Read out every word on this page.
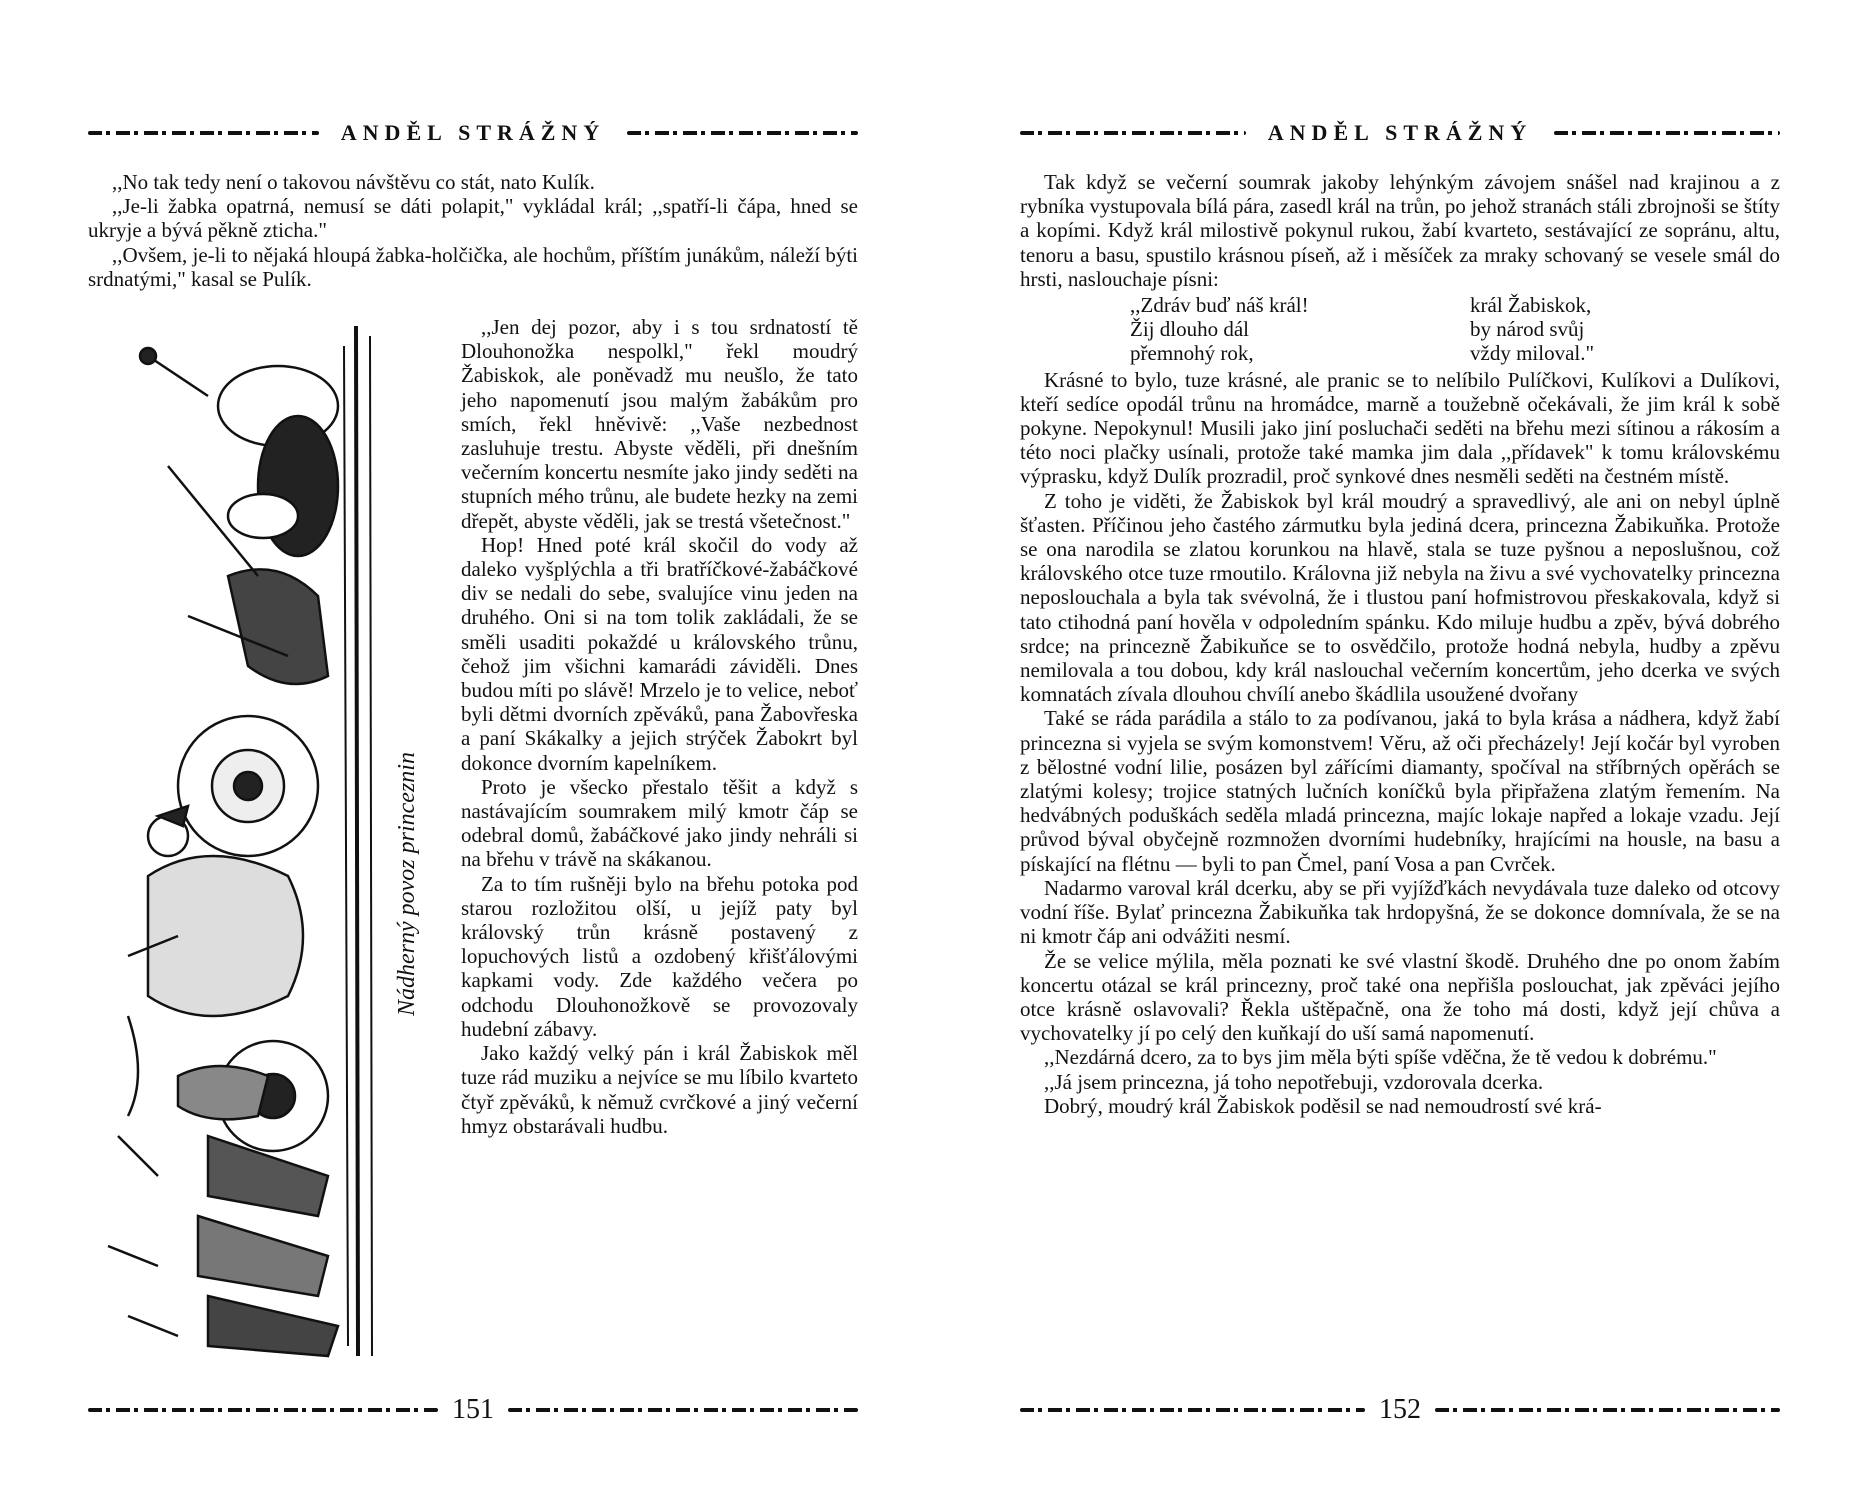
ANDĚL STRÁŽNÝ

,,No tak tedy není o takovou návštěvu co stát, nato Kulík.

,,Je-li žabka opatrná, nemusí se dáti polapit," vykládal král; ,,spatří-li čápa, hned se ukryje a bývá pěkně zticha."

,,Ovšem, je-li to nějaká hloupá žabka-holčička, ale hochům, příštím junákům, náleží býti srdnatými," kasal se Pulík.

Nádherný povoz princeznin

,,Jen dej pozor, aby i s tou srdnatostí tě Dlouhonožka nespolkl," řekl moudrý Žabiskok, ale poněvadž mu neušlo, že tato jeho napomenutí jsou malým žabákům pro smích, řekl hněvivě: ,,Vaše nezbednost zasluhuje trestu. Abyste věděli, při dnešním večerním koncertu nesmíte jako jindy seděti na stupních mého trůnu, ale budete hezky na zemi dřepět, abyste věděli, jak se trestá všetečnost."

Hop! Hned poté král skočil do vody až daleko vyšplýchla a tři bratříčkové-žabáčkové div se nedali do sebe, svalujíce vinu jeden na druhého. Oni si na tom tolik zakládali, že se směli usaditi pokaždé u královského trůnu, čehož jim všichni kamarádi záviděli. Dnes budou míti po slávě! Mrzelo je to velice, neboť byli dětmi dvorních zpěváků, pana Žabovřeska a paní Skákalky a jejich strýček Žabokrt byl dokonce dvorním kapelníkem.

Proto je všecko přestalo těšit a když s nastávajícím soumrakem milý kmotr čáp se odebral domů, žabáčkové jako jindy nehráli si na břehu v trávě na skákanou.

Za to tím rušněji bylo na břehu potoka pod starou rozložitou olší, u jejíž paty byl královský trůn krásně postavený z lopuchových listů a ozdobený křišťálovými kapkami vody. Zde každého večera po odchodu Dlouhonožkově se provozovaly hudební zábavy.

Jako každý velký pán i král Žabiskok měl tuze rád muziku a nejvíce se mu líbilo kvarteto čtyř zpěváků, k němuž cvrčkové a jiný večerní hmyz obstarávali hudbu.

151
ANDĚL STRÁŽNÝ

Tak když se večerní soumrak jakoby lehýnkým závojem snášel nad krajinou a z rybníka vystupovala bílá pára, zasedl král na trůn, po jehož stranách stáli zbrojnoši se štíty a kopími. Když král milostivě pokynul rukou, žabí kvarteto, sestávající ze sopránu, altu, tenoru a basu, spustilo krásnou píseň, až i měsíček za mraky schovaný se vesele smál do hrsti, naslouchaje písni:

,,Zdráv buď náš král!	král Žabiskok,
Žij dlouho dál	by národ svůj
přemnohý rok,	vždy miloval."

Krásné to bylo, tuze krásné, ale pranic se to nelíbilo Pulíčkovi, Kulíkovi a Dulíkovi, kteří sedíce opodál trůnu na hromádce, marně a toužebně očekávali, že jim král k sobě pokyne. Nepokynul! Musili jako jiní posluchači seděti na břehu mezi sítinou a rákosím a této noci plačky usínali, protože také mamka jim dala ,,přídavek" k tomu královskému výprasku, když Dulík prozradil, proč synkové dnes nesměli seděti na čestném místě.

Z toho je viděti, že Žabiskok byl král moudrý a spravedlivý, ale ani on nebyl úplně šťasten. Příčinou jeho častého zármutku byla jediná dcera, princezna Žabikuňka. Protože se ona narodila se zlatou korunkou na hlavě, stala se tuze pyšnou a neposlušnou, což královského otce tuze rmoutilo. Královna již nebyla na živu a své vychovatelky princezna neposlouchala a byla tak svévolná, že i tlustou paní hofmistrovou přeskakovala, když si tato ctihodná paní hověla v odpoledním spánku. Kdo miluje hudbu a zpěv, bývá dobrého srdce; na princezně Žabikuňce se to osvědčilo, protože hodná nebyla, hudby a zpěvu nemilovala a tou dobou, kdy král naslouchal večerním koncertům, jeho dcerka ve svých komnatách zívala dlouhou chvílí anebo škádlila usoužené dvořany

Také se ráda parádila a stálo to za podívanou, jaká to byla krása a nádhera, když žabí princezna si vyjela se svým komonstvem! Věru, až oči přecházely! Její kočár byl vyroben z bělostné vodní lilie, posázen byl zářícími diamanty, spočíval na stříbrných opěrách se zlatými kolesy; trojice statných lučních koníčků byla připřažena zlatým řemením. Na hedvábných poduškách seděla mladá princezna, majíc lokaje napřed a lokaje vzadu. Její průvod býval obyčejně rozmnožen dvorními hudebníky, hrajícími na housle, na basu a pískající na flétnu — byli to pan Čmel, paní Vosa a pan Cvrček.

Nadarmo varoval král dcerku, aby se při vyjížďkách nevydávala tuze daleko od otcovy vodní říše. Bylať princezna Žabikuňka tak hrdopyšná, že se dokonce domnívala, že se na ni kmotr čáp ani odvážiti nesmí.

Že se velice mýlila, měla poznati ke své vlastní škodě. Druhého dne po onom žabím koncertu otázal se král princezny, proč také ona nepřišla poslouchat, jak zpěváci jejího otce krásně oslavovali? Řekla uštěpačně, ona že toho má dosti, když její chůva a vychovatelky jí po celý den kuňkají do uší samá napomenutí.

,,Nezdárná dcero, za to bys jim měla býti spíše vděčna, že tě vedou k dobrému."

,,Já jsem princezna, já toho nepotřebuji, vzdorovala dcerka.

Dobrý, moudrý král Žabiskok poděsil se nad nemoudrostí své krá-

152
